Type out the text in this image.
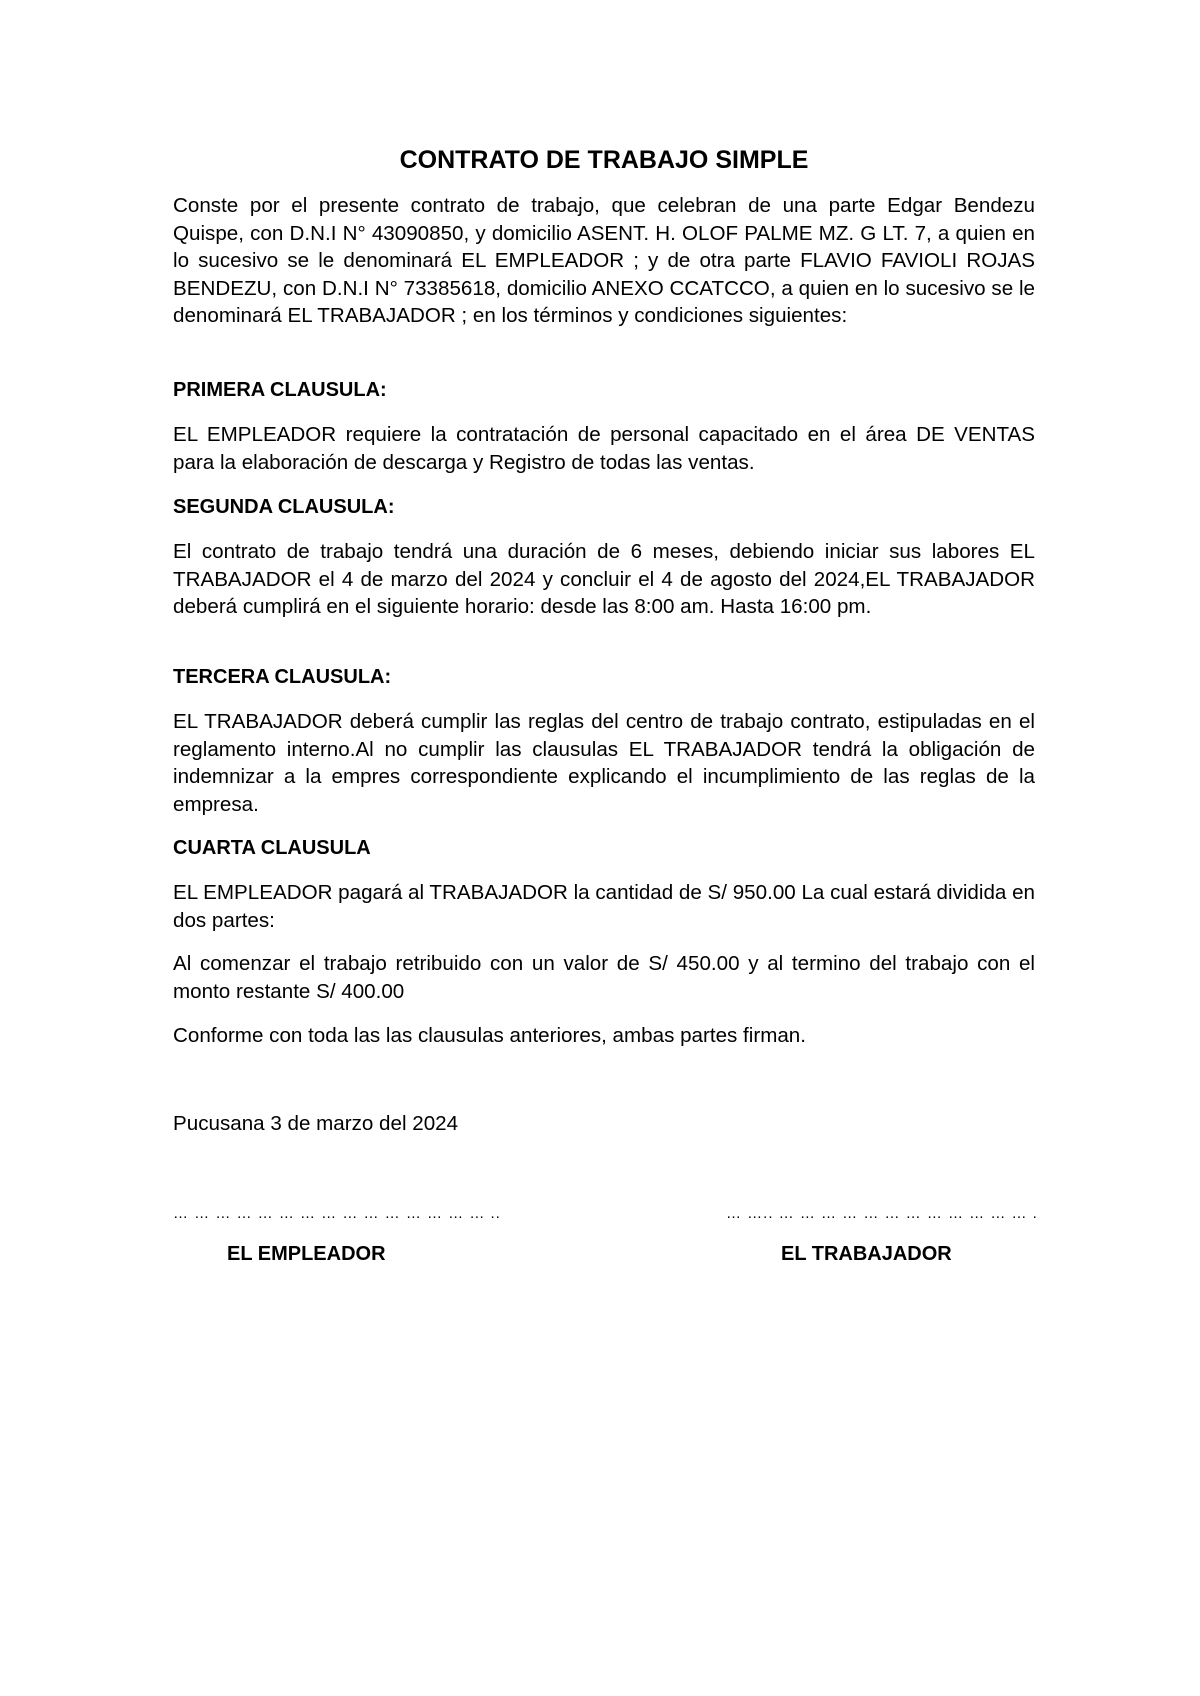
CONTRATO DE TRABAJO SIMPLE

Conste por el presente contrato de trabajo, que celebran de una parte Edgar Bendezu Quispe, con D.N.I N° 43090850, y domicilio ASENT. H. OLOF PALME MZ. G LT. 7, a quien en lo sucesivo se le denominará EL EMPLEADOR ; y de otra parte FLAVIO FAVIOLI ROJAS BENDEZU, con D.N.I N° 73385618, domicilio ANEXO CCATCCO, a quien en lo sucesivo se le denominará EL TRABAJADOR ; en los términos y condiciones siguientes:

PRIMERA CLAUSULA:

EL EMPLEADOR requiere la contratación de personal capacitado en el área DE VENTAS para la elaboración de descarga y Registro de todas las ventas.

SEGUNDA CLAUSULA:

El contrato de trabajo tendrá una duración de 6 meses, debiendo iniciar sus labores EL TRABAJADOR el 4 de marzo del 2024 y concluir el 4 de agosto del 2024,EL TRABAJADOR deberá cumplirá en el siguiente horario: desde las 8:00 am. Hasta 16:00 pm.

TERCERA CLAUSULA:

EL TRABAJADOR deberá cumplir las reglas del centro de trabajo contrato, estipuladas en el reglamento interno.Al no cumplir las clausulas EL TRABAJADOR tendrá la obligación de indemnizar a la empres correspondiente explicando el incumplimiento de las reglas de la empresa.

CUARTA CLAUSULA

EL EMPLEADOR pagará al TRABAJADOR la cantidad de S/ 950.00 La cual estará dividida en dos partes:

Al comenzar el trabajo retribuido con un valor de S/ 450.00 y al termino del trabajo con el monto restante S/ 400.00

Conforme con toda las las clausulas anteriores, ambas partes firman.

Pucusana 3 de marzo del 2024

… … … … … … … … … … … … … … … ..	… ….. … … … … … … … … … … … … .
EL EMPLEADOR	EL TRABAJADOR
